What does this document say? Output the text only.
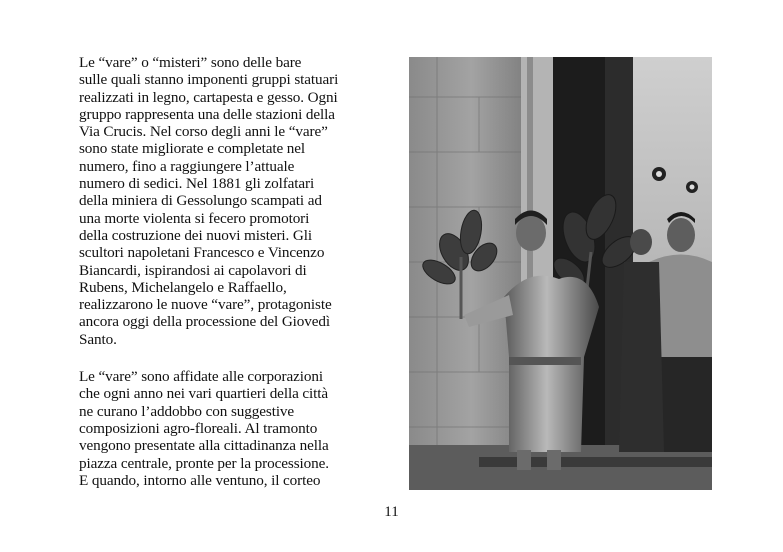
Le “vare” o “misteri” sono delle bare
sulle quali stanno imponenti gruppi statuari
realizzati in legno, cartapesta e gesso. Ogni
gruppo rappresenta una delle stazioni della
Via Crucis. Nel corso degli anni le “vare”
sono state migliorate e completate nel
numero, fino a raggiungere l’attuale
numero di sedici. Nel 1881 gli zolfatari
della miniera di Gessolungo scampati ad
una morte violenta si fecero promotori
della costruzione dei nuovi misteri. Gli
scultori napoletani Francesco e Vincenzo
Biancardi, ispirandosi ai capolavori di
Rubens, Michelangelo e Raffaello,
realizzarono le nuove “vare”, protagoniste
ancora oggi della processione del Giovedì
Santo.

Le “vare” sono affidate alle corporazioni
che ogni anno nei vari quartieri della città
ne curano l’addobbo con suggestive
composizioni agro-floreali. Al tramonto
vengono presentate alla cittadinanza nella
piazza centrale, pronte per la processione.
E quando, intorno alle ventuno, il corteo

11
